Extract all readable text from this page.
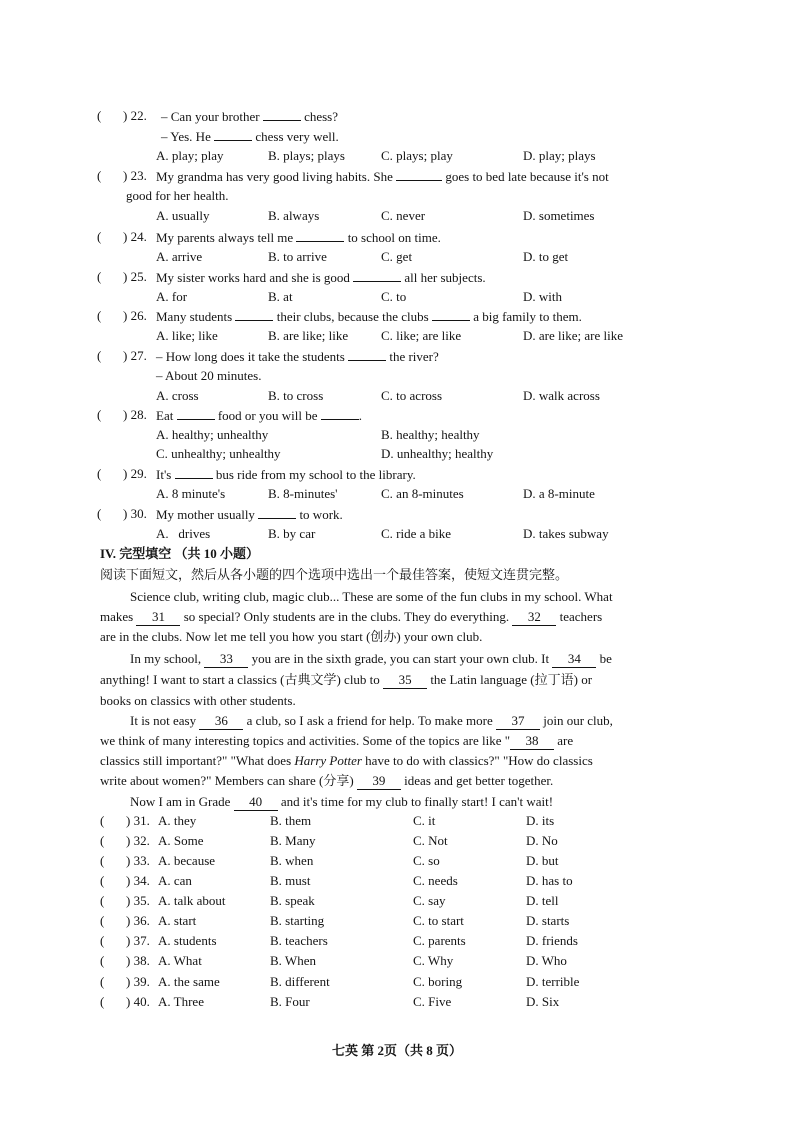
( ) 22. – Can your brother	chess?
– Yes. He	chess very well.
A. play; play	B. plays; plays	C. plays; play	D. play; plays
( ) 23. My grandma has very good living habits. She	goes to bed late because it's not
good for her health.
A. usually	B. always	C. never	D. sometimes
( ) 24. My parents always tell me	to school on time.
A. arrive	B. to arrive	C. get	D. to get
( ) 25. My sister works hard and she is good	all her subjects.
A. for	B. at	C. to	D. with
( ) 26. Many students	their clubs, because the clubs	a big family to them.
A. like; like	B. are like; like	C. like; are like	D. are like; are like
( ) 27. – How long does it take the students	the river?
– About 20 minutes.
A. cross	B. to cross	C. to across	D. walk across
( ) 28. Eat	food or you will be	.
A. healthy; unhealthy	B. healthy; healthy
C. unhealthy; unhealthy	D. unhealthy; healthy
( ) 29. It's	bus ride from my school to the library.
A. 8 minute's	B. 8-minutes'	C. an 8-minutes	D. a 8-minute
( ) 30. My mother usually	to work.
A.   drives	B. by car	C. ride a bike	D. takes subway
IV. 完型填空 （共 10 小题）
阅读下面短文，然后从各小题的四个选项中选出一个最佳答案，使短文连贯完整。
Science club, writing club, magic club... These are some of the fun clubs in my school. What
makes 31 so special? Only students are in the clubs. They do everything. 32 teachers
are in the clubs. Now let me tell you how you start (创办) your own club.
In my school, 33 you are in the sixth grade, you can start your own club. It 34 be
anything! I want to start a classics (古典文学) club to 35 the Latin language (拉丁语) or
books on classics with other students.
It is not easy 36 a club, so I ask a friend for help. To make more 37 join our club,
we think of many interesting topics and activities. Some of the topics are like " 38 are
classics still important?" "What does Harry Potter have to do with classics?" "How do classics
write about women?" Members can share (分享) 39 ideas and get better together.
Now I am in Grade 40 and it's time for my club to finally start! I can't wait!
( ) 31. A. they	B. them	C. it	D. its
( ) 32. A. Some	B. Many	C. Not	D. No
( ) 33. A. because	B. when	C. so	D. but
( ) 34. A. can	B. must	C. needs	D. has to
( ) 35. A. talk about	B. speak	C. say	D. tell
( ) 36. A. start	B. starting	C. to start	D. starts
( ) 37. A. students	B. teachers	C. parents	D. friends
( ) 38. A. What	B. When	C. Why	D. Who
( ) 39. A. the same	B. different	C. boring	D. terrible
( ) 40. A. Three	B. Four	C. Five	D. Six
七英 第 2页（共 8 页）
